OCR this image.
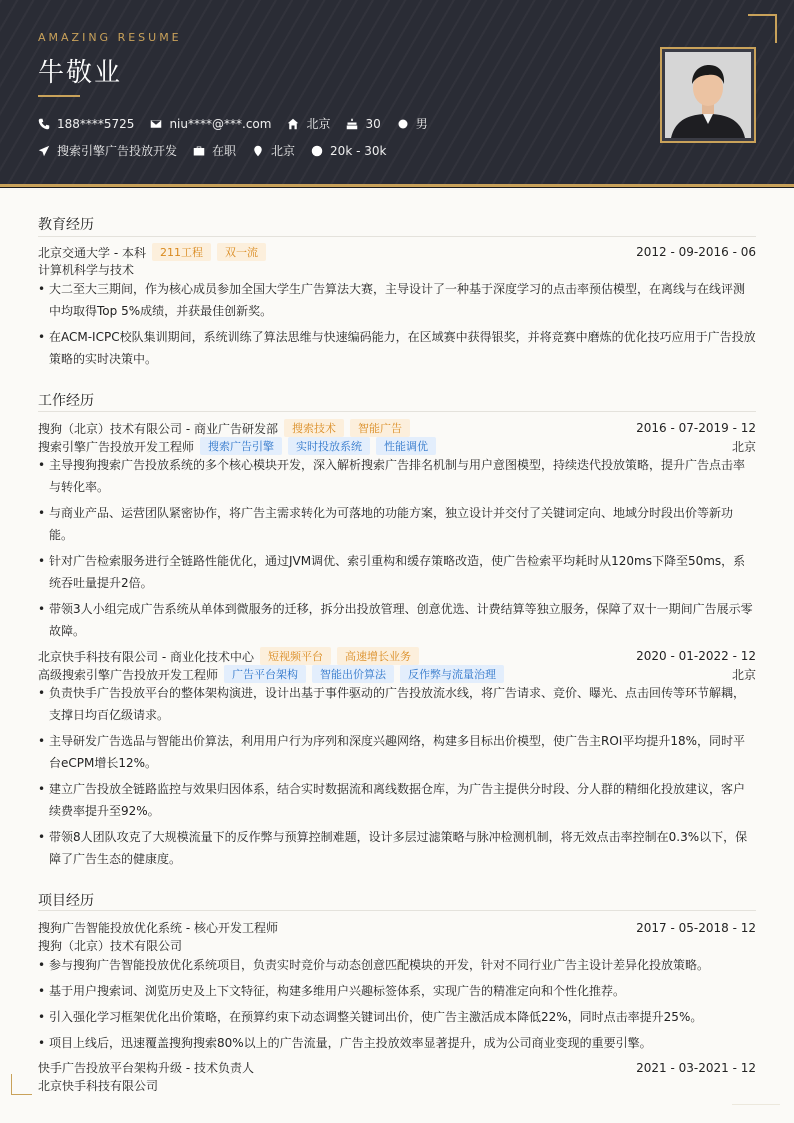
AMAZING RESUME
牛敬业
188****5725	niu****@***.com	北京	30	男
搜索引擎广告投放开发	在职	北京	20k - 30k
教育经历
北京交通大学 - 本科	211工程	双一流	2012 - 09-2016 - 06
计算机科学与技术
• 大二至大三期间，作为核心成员参加全国大学生广告算法大赛，主导设计了一种基于深度学习的点击率预估模型，在离线与在线评测中均取得Top 5%成绩，并获最佳创新奖。
• 在ACM-ICPC校队集训期间，系统训练了算法思维与快速编码能力，在区域赛中获得银奖，并将竞赛中磨炼的优化技巧应用于广告投放策略的实时决策中。
工作经历
搜狗（北京）技术有限公司 - 商业广告研发部	搜索技术	智能广告	2016 - 07-2019 - 12
搜索引擎广告投放开发工程师	搜索广告引擎	实时投放系统	性能调优	北京
• 主导搜狗搜索广告投放系统的多个核心模块开发，深入解析搜索广告排名机制与用户意图模型，持续迭代投放策略，提升广告点击率与转化率。
• 与商业产品、运营团队紧密协作，将广告主需求转化为可落地的功能方案，独立设计并交付了关键词定向、地域分时段出价等新功能。
• 针对广告检索服务进行全链路性能优化，通过JVM调优、索引重构和缓存策略改造，使广告检索平均耗时从120ms下降至50ms，系统吞吐量提升2倍。
• 带领3人小组完成广告系统从单体到微服务的迁移，拆分出投放管理、创意优选、计费结算等独立服务，保障了双十一期间广告展示零故障。
北京快手科技有限公司 - 商业化技术中心	短视频平台	高速增长业务	2020 - 01-2022 - 12
高级搜索引擎广告投放开发工程师	广告平台架构	智能出价算法	反作弊与流量治理	北京
• 负责快手广告投放平台的整体架构演进，设计出基于事件驱动的广告投放流水线，将广告请求、竞价、曝光、点击回传等环节解耦，支撑日均百亿级请求。
• 主导研发广告选品与智能出价算法，利用用户行为序列和深度兴趣网络，构建多目标出价模型，使广告主ROI平均提升18%，同时平台eCPM增长12%。
• 建立广告投放全链路监控与效果归因体系，结合实时数据流和离线数据仓库，为广告主提供分时段、分人群的精细化投放建议，客户续费率提升至92%。
• 带领8人团队攻克了大规模流量下的反作弊与预算控制难题，设计多层过滤策略与脉冲检测机制，将无效点击率控制在0.3%以下，保障了广告生态的健康度。
项目经历
搜狗广告智能投放优化系统 - 核心开发工程师	2017 - 05-2018 - 12
搜狗（北京）技术有限公司
• 参与搜狗广告智能投放优化系统项目，负责实时竞价与动态创意匹配模块的开发，针对不同行业广告主设计差异化投放策略。
• 基于用户搜索词、浏览历史及上下文特征，构建多维用户兴趣标签体系，实现广告的精准定向和个性化推荐。
• 引入强化学习框架优化出价策略，在预算约束下动态调整关键词出价，使广告主激活成本降低22%，同时点击率提升25%。
• 项目上线后，迅速覆盖搜狗搜索80%以上的广告流量，广告主投放效率显著提升，成为公司商业变现的重要引擎。
快手广告投放平台架构升级 - 技术负责人	2021 - 03-2021 - 12
北京快手科技有限公司
